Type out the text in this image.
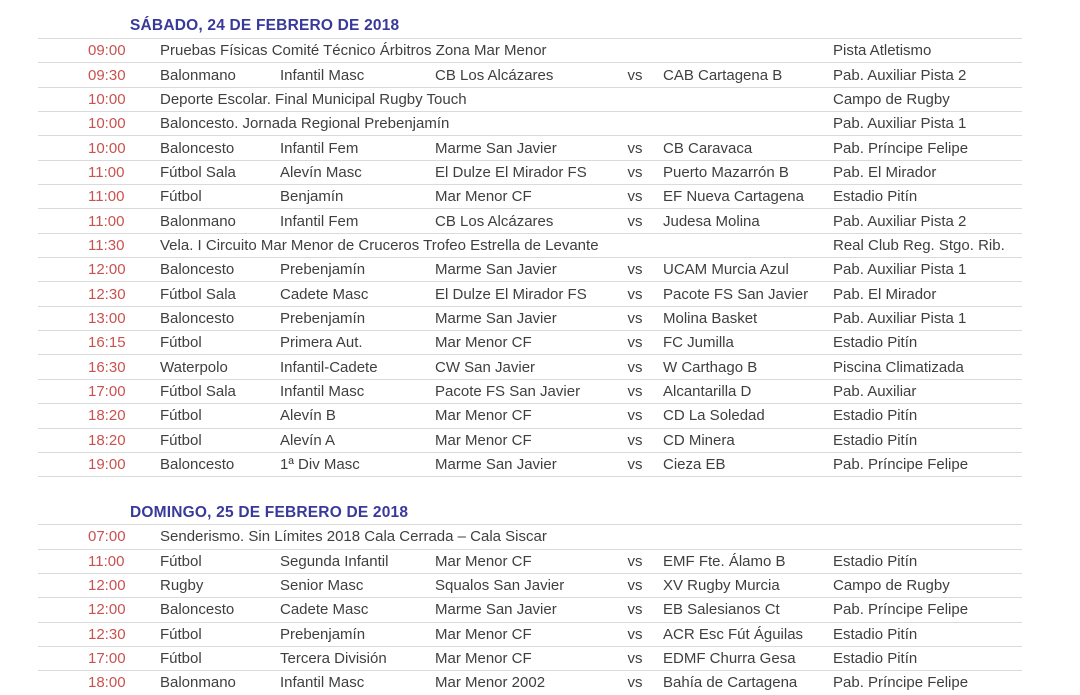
SÁBADO, 24 DE FEBRERO DE 2018
09:00	Pruebas Físicas Comité Técnico Árbitros Zona Mar Menor	Pista Atletismo
09:30	Balonmano	Infantil Masc	CB Los Alcázares	vs	CAB Cartagena B	Pab. Auxiliar Pista 2
10:00	Deporte Escolar. Final Municipal Rugby Touch	Campo de Rugby
10:00	Baloncesto. Jornada Regional Prebenjamín	Pab. Auxiliar Pista 1
10:00	Baloncesto	Infantil Fem	Marme San Javier	vs	CB Caravaca	Pab. Príncipe Felipe
11:00	Fútbol Sala	Alevín Masc	El Dulze El Mirador FS	vs	Puerto Mazarrón B	Pab. El Mirador
11:00	Fútbol	Benjamín	Mar Menor CF	vs	EF Nueva Cartagena	Estadio Pitín
11:00	Balonmano	Infantil Fem	CB Los Alcázares	vs	Judesa Molina	Pab. Auxiliar Pista 2
11:30	Vela. I Circuito Mar Menor de Cruceros Trofeo Estrella de Levante	Real Club Reg. Stgo. Rib.
12:00	Baloncesto	Prebenjamín	Marme San Javier	vs	UCAM Murcia Azul	Pab. Auxiliar Pista 1
12:30	Fútbol Sala	Cadete Masc	El Dulze El Mirador FS	vs	Pacote FS San Javier	Pab. El Mirador
13:00	Baloncesto	Prebenjamín	Marme San Javier	vs	Molina Basket	Pab. Auxiliar Pista 1
16:15	Fútbol	Primera Aut.	Mar Menor CF	vs	FC Jumilla	Estadio Pitín
16:30	Waterpolo	Infantil-Cadete	CW San Javier	vs	W Carthago B	Piscina Climatizada
17:00	Fútbol Sala	Infantil Masc	Pacote FS San Javier	vs	Alcantarilla D	Pab. Auxiliar
18:20	Fútbol	Alevín B	Mar Menor CF	vs	CD La Soledad	Estadio Pitín
18:20	Fútbol	Alevín A	Mar Menor CF	vs	CD Minera	Estadio Pitín
19:00	Baloncesto	1ª Div Masc	Marme San Javier	vs	Cieza EB	Pab. Príncipe Felipe
DOMINGO, 25 DE FEBRERO DE 2018
07:00	Senderismo. Sin Límites 2018 Cala Cerrada – Cala Siscar
11:00	Fútbol	Segunda Infantil	Mar Menor CF	vs	EMF Fte. Álamo B	Estadio Pitín
12:00	Rugby	Senior Masc	Squalos San Javier	vs	XV Rugby Murcia	Campo de Rugby
12:00	Baloncesto	Cadete Masc	Marme San Javier	vs	EB Salesianos Ct	Pab. Príncipe Felipe
12:30	Fútbol	Prebenjamín	Mar Menor CF	vs	ACR Esc Fút Águilas	Estadio Pitín
17:00	Fútbol	Tercera División	Mar Menor CF	vs	EDMF Churra Gesa	Estadio Pitín
18:00	Balonmano	Infantil Masc	Mar Menor 2002	vs	Bahía de Cartagena	Pab. Príncipe Felipe
